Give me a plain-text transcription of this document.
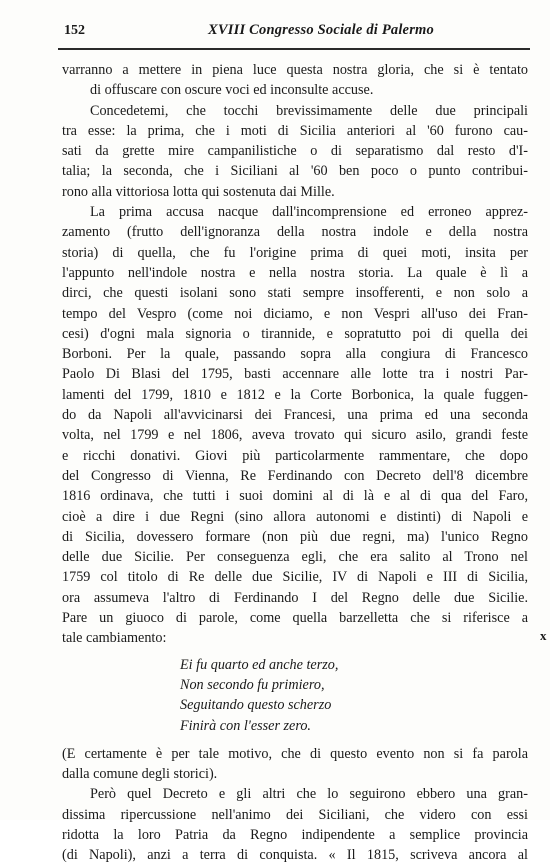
152	XVIII Congresso Sociale di Palermo
varranno a mettere in piena luce questa nostra gloria, che si è tentato
di offuscare con oscure voci ed inconsulte accuse.
Concedetemi, che tocchi brevissimamente delle due principali
tra esse: la prima, che i moti di Sicilia anteriori al '60 furono cau-
sati da grette mire campanilistiche o di separatismo dal resto d'I-
talia; la seconda, che i Siciliani al '60 ben poco o punto contribui-
rono alla vittoriosa lotta qui sostenuta dai Mille.
La prima accusa nacque dall'incomprensione ed erroneo apprez-
zamento (frutto dell'ignoranza della nostra indole e della nostra
storia) di quella, che fu l'origine prima di quei moti, insita per
l'appunto nell'indole nostra e nella nostra storia. La quale è lì a
dirci, che questi isolani sono stati sempre insofferenti, e non solo a
tempo del Vespro (come noi diciamo, e non Vespri all'uso dei Fran-
cesi) d'ogni mala signoria o tirannide, e sopratutto poi di quella dei
Borboni. Per la quale, passando sopra alla congiura di Francesco
Paolo Di Blasi del 1795, basti accennare alle lotte tra i nostri Par-
lamenti del 1799, 1810 e 1812 e la Corte Borbonica, la quale fuggen-
do da Napoli all'avvicinarsi dei Francesi, una prima ed una seconda
volta, nel 1799 e nel 1806, aveva trovato qui sicuro asilo, grandi feste
e ricchi donativi. Giovi più particolarmente rammentare, che dopo
del Congresso di Vienna, Re Ferdinando con Decreto dell'8 dicembre
1816 ordinava, che tutti i suoi domini al di là e al di qua del Faro,
cioè a dire i due Regni (sino allora autonomi e distinti) di Napoli e
di Sicilia, dovessero formare (non più due regni, ma) l'unico Regno
delle due Sicilie. Per conseguenza egli, che era salito al Trono nel
1759 col titolo di Re delle due Sicilie, IV di Napoli e III di Sicilia,
ora assumeva l'altro di Ferdinando I del Regno delle due Sicilie.
Pare un giuoco di parole, come quella barzelletta che si riferisce a
tale cambiamento:
Ei fu quarto ed anche terzo,
Non secondo fu primiero,
Seguitando questo scherzo
Finirà con l'esser zero.
(E certamente è per tale motivo, che di questo evento non si fa parola
dalla comune degli storici).
Però quel Decreto e gli altri che lo seguirono ebbero una gran-
dissima ripercussione nell'animo dei Siciliani, che videro con essi
ridotta la loro Patria da Regno indipendente a semplice provincia
(di Napoli), anzi a terra di conquista. « Il 1815, scriveva ancora al
x
